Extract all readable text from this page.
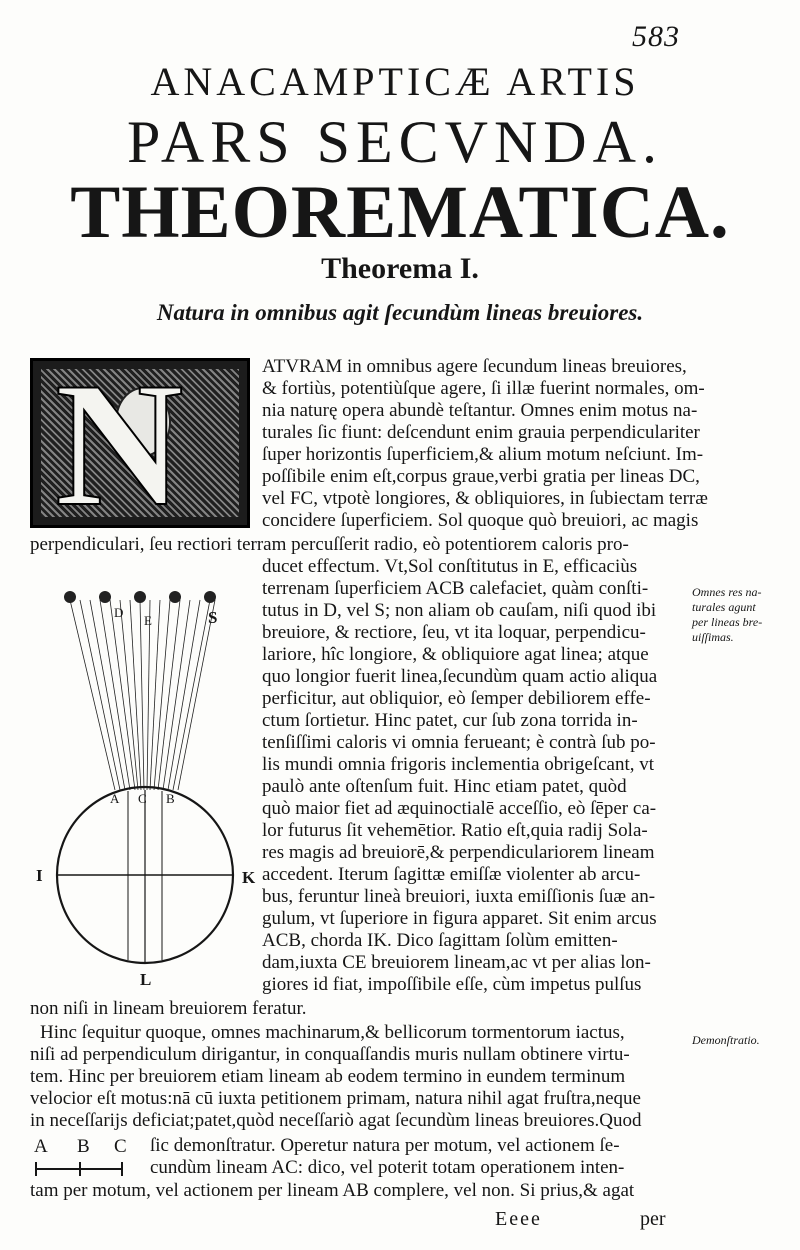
583
ANACAMPTICÆ ARTIS
PARS SECVNDA.
THEOREMATICA.
Theorema I.
Natura in omnibus agit ſecundùm lineas breuiores.
N	ATVRAM in omnibus agere ſecundum lineas breuiores,
& fortiùs, potentiùſque agere, ſi illæ fuerint normales, om-
nia naturę opera abundè teſtantur. Omnes enim motus na-
turales ſic fiunt: deſcendunt enim grauia perpendiculariter
ſuper horizontis ſuperficiem,& alium motum neſciunt. Im-
poſſibile enim eſt,corpus graue,verbi gratia per lineas DC,
vel FC, vtpotè longiores, & obliquiores, in ſubiectam terræ
concidere ſuperficiem. Sol quoque quò breuiori, ac magis
perpendiculari, ſeu rectiori terram percuſſerit radio, eò potentiorem caloris pro-
ducet effectum. Vt,Sol conſtitutus in E, efficaciùs
terrenam ſuperficiem ACB calefaciet, quàm conſti-
tutus in D, vel S; non aliam ob cauſam, niſi quod ibi
breuiore, & rectiore, ſeu, vt ita loquar, perpendicu-
lariore, hîc longiore, & obliquiore agat linea; atque
quo longior fuerit linea,ſecundùm quam actio aliqua
perficitur, aut obliquior, eò ſemper debiliorem effe-
ctum ſortietur. Hinc patet, cur ſub zona torrida in-
tenſiſſimi caloris vi omnia ferueant; è contrà ſub po-
lis mundi omnia frigoris inclementia obrigeſcant, vt
paulò ante oſtenſum fuit. Hinc etiam patet, quòd
quò maior fiet ad æquinoctialē acceſſio, eò ſēper ca-
lor futurus ſit vehemētior. Ratio eſt,quia radij Sola-
res magis ad breuiorē,& perpendiculariorem lineam
accedent. Iterum ſagittæ emiſſæ violenter ab arcu-
bus, feruntur lineà breuiori, iuxta emiſſionis ſuæ an-
gulum, vt ſuperiore in figura apparet. Sit enim arcus
ACB, chorda IK. Dico ſagittam ſolùm emitten-
dam,iuxta CE breuiorem lineam,ac vt per alias lon-
giores id fiat, impoſſibile eſſe, cùm impetus pulſus
non niſi in lineam breuiorem feratur.
Hinc ſequitur quoque, omnes machinarum,& bellicorum tormentorum iactus,
niſi ad perpendiculum dirigantur, in conquaſſandis muris nullam obtinere virtu-
tem. Hinc per breuiorem etiam lineam ab eodem termino in eundem terminum
velocior eſt motus:nā cū iuxta petitionem primam, natura nihil agat fruſtra,neque
in neceſſarijs deficiat;patet,quòd neceſſariò agat ſecundùm lineas breuiores.Quod
ſic demonſtratur. Operetur natura per motum, vel actionem ſe-
cundùm lineam AC: dico, vel poterit totam operationem inten-
tam per motum, vel actionem per lineam AB complere, vel non. Si prius,& agat
Omnes res na-
turales agunt
per lineas bre-
uiſſimas.
Demonſtratio.
D
E	S
A C B
I	K
L
A B C
Eeee	per
